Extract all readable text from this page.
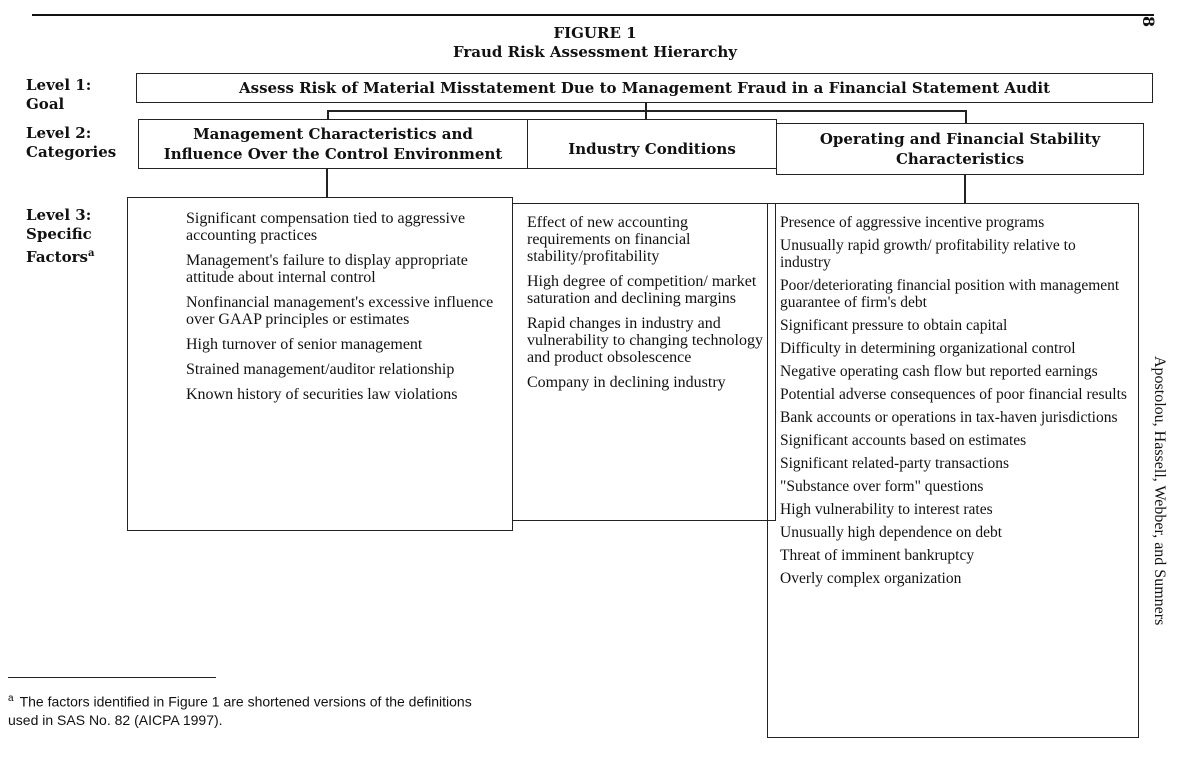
8
FIGURE 1
Fraud Risk Assessment Hierarchy
Level 1:
Goal
Level 2:
Categories
Level 3:
Specific
Factors$^a$
Assess Risk of Material Misstatement Due to Management Fraud in a Financial Statement Audit
Management Characteristics and
Influence Over the Control Environment	Industry Conditions
Operating and Financial Stability
Characteristics
Significant compensation tied to aggressive accounting practices
Management's failure to display appropriate attitude about internal control
Nonfinancial management's excessive influence over GAAP principles or estimates
High turnover of senior management
Strained management/auditor relationship
Known history of securities law violations
Effect of new accounting requirements on financial stability/profitability
High degree of competition/ market saturation and declining margins
Rapid changes in industry and vulnerability to changing technology and product obsolescence
Company in declining industry
Presence of aggressive incentive programs
Unusually rapid growth/ profitability relative to industry
Poor/deteriorating financial position with management guarantee of firm's debt
Significant pressure to obtain capital
Difficulty in determining organizational control
Negative operating cash flow but reported earnings
Potential adverse consequences of poor financial results
Bank accounts or operations in tax-haven jurisdictions
Significant accounts based on estimates
Significant related-party transactions
"Substance over form" questions
High vulnerability to interest rates
Unusually high dependence on debt
Threat of imminent bankruptcy
Overly complex organization
$^a$ The factors identified in Figure 1 are shortened versions of the definitions used in SAS No. 82 (AICPA 1997).
Apostolou, Hassell, Webber, and Sumners
